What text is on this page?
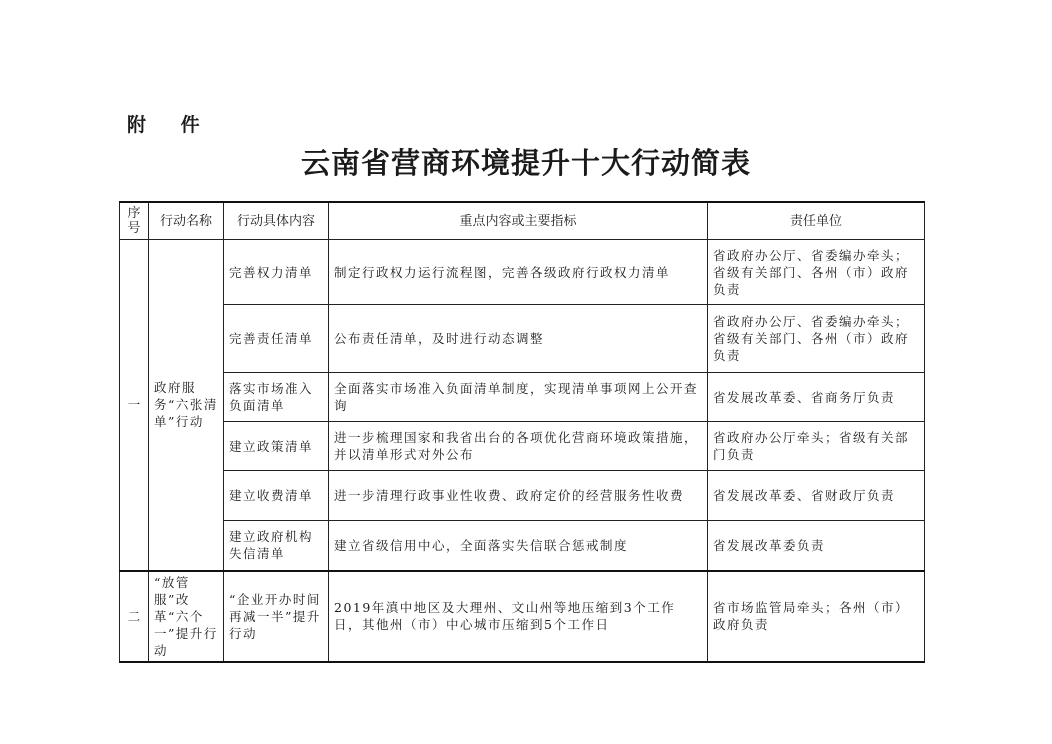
附 件
云南省营商环境提升十大行动简表
序号	行动名称	行动具体内容	重点内容或主要指标	责任单位
一	政府服务“六张清单”行动	完善权力清单	制定行政权力运行流程图，完善各级政府行政权力清单	省政府办公厅、省委编办牵头；省级有关部门、各州（市）政府负责
		完善责任清单	公布责任清单，及时进行动态调整	省政府办公厅、省委编办牵头；省级有关部门、各州（市）政府负责
		落实市场准入负面清单	全面落实市场准入负面清单制度，实现清单事项网上公开查询	省发展改革委、省商务厅负责
		建立政策清单	进一步梳理国家和我省出台的各项优化营商环境政策措施，并以清单形式对外公布	省政府办公厅牵头；省级有关部门负责
		建立收费清单	进一步清理行政事业性收费、政府定价的经营服务性收费	省发展改革委、省财政厅负责
		建立政府机构失信清单	建立省级信用中心，全面落实失信联合惩戒制度	省发展改革委负责
二	“放管服”改革“六个一”提升行动	“企业开办时间再减一半”提升行动	2019年滇中地区及大理州、文山州等地压缩到3个工作日，其他州（市）中心城市压缩到5个工作日	省市场监管局牵头；各州（市）政府负责
